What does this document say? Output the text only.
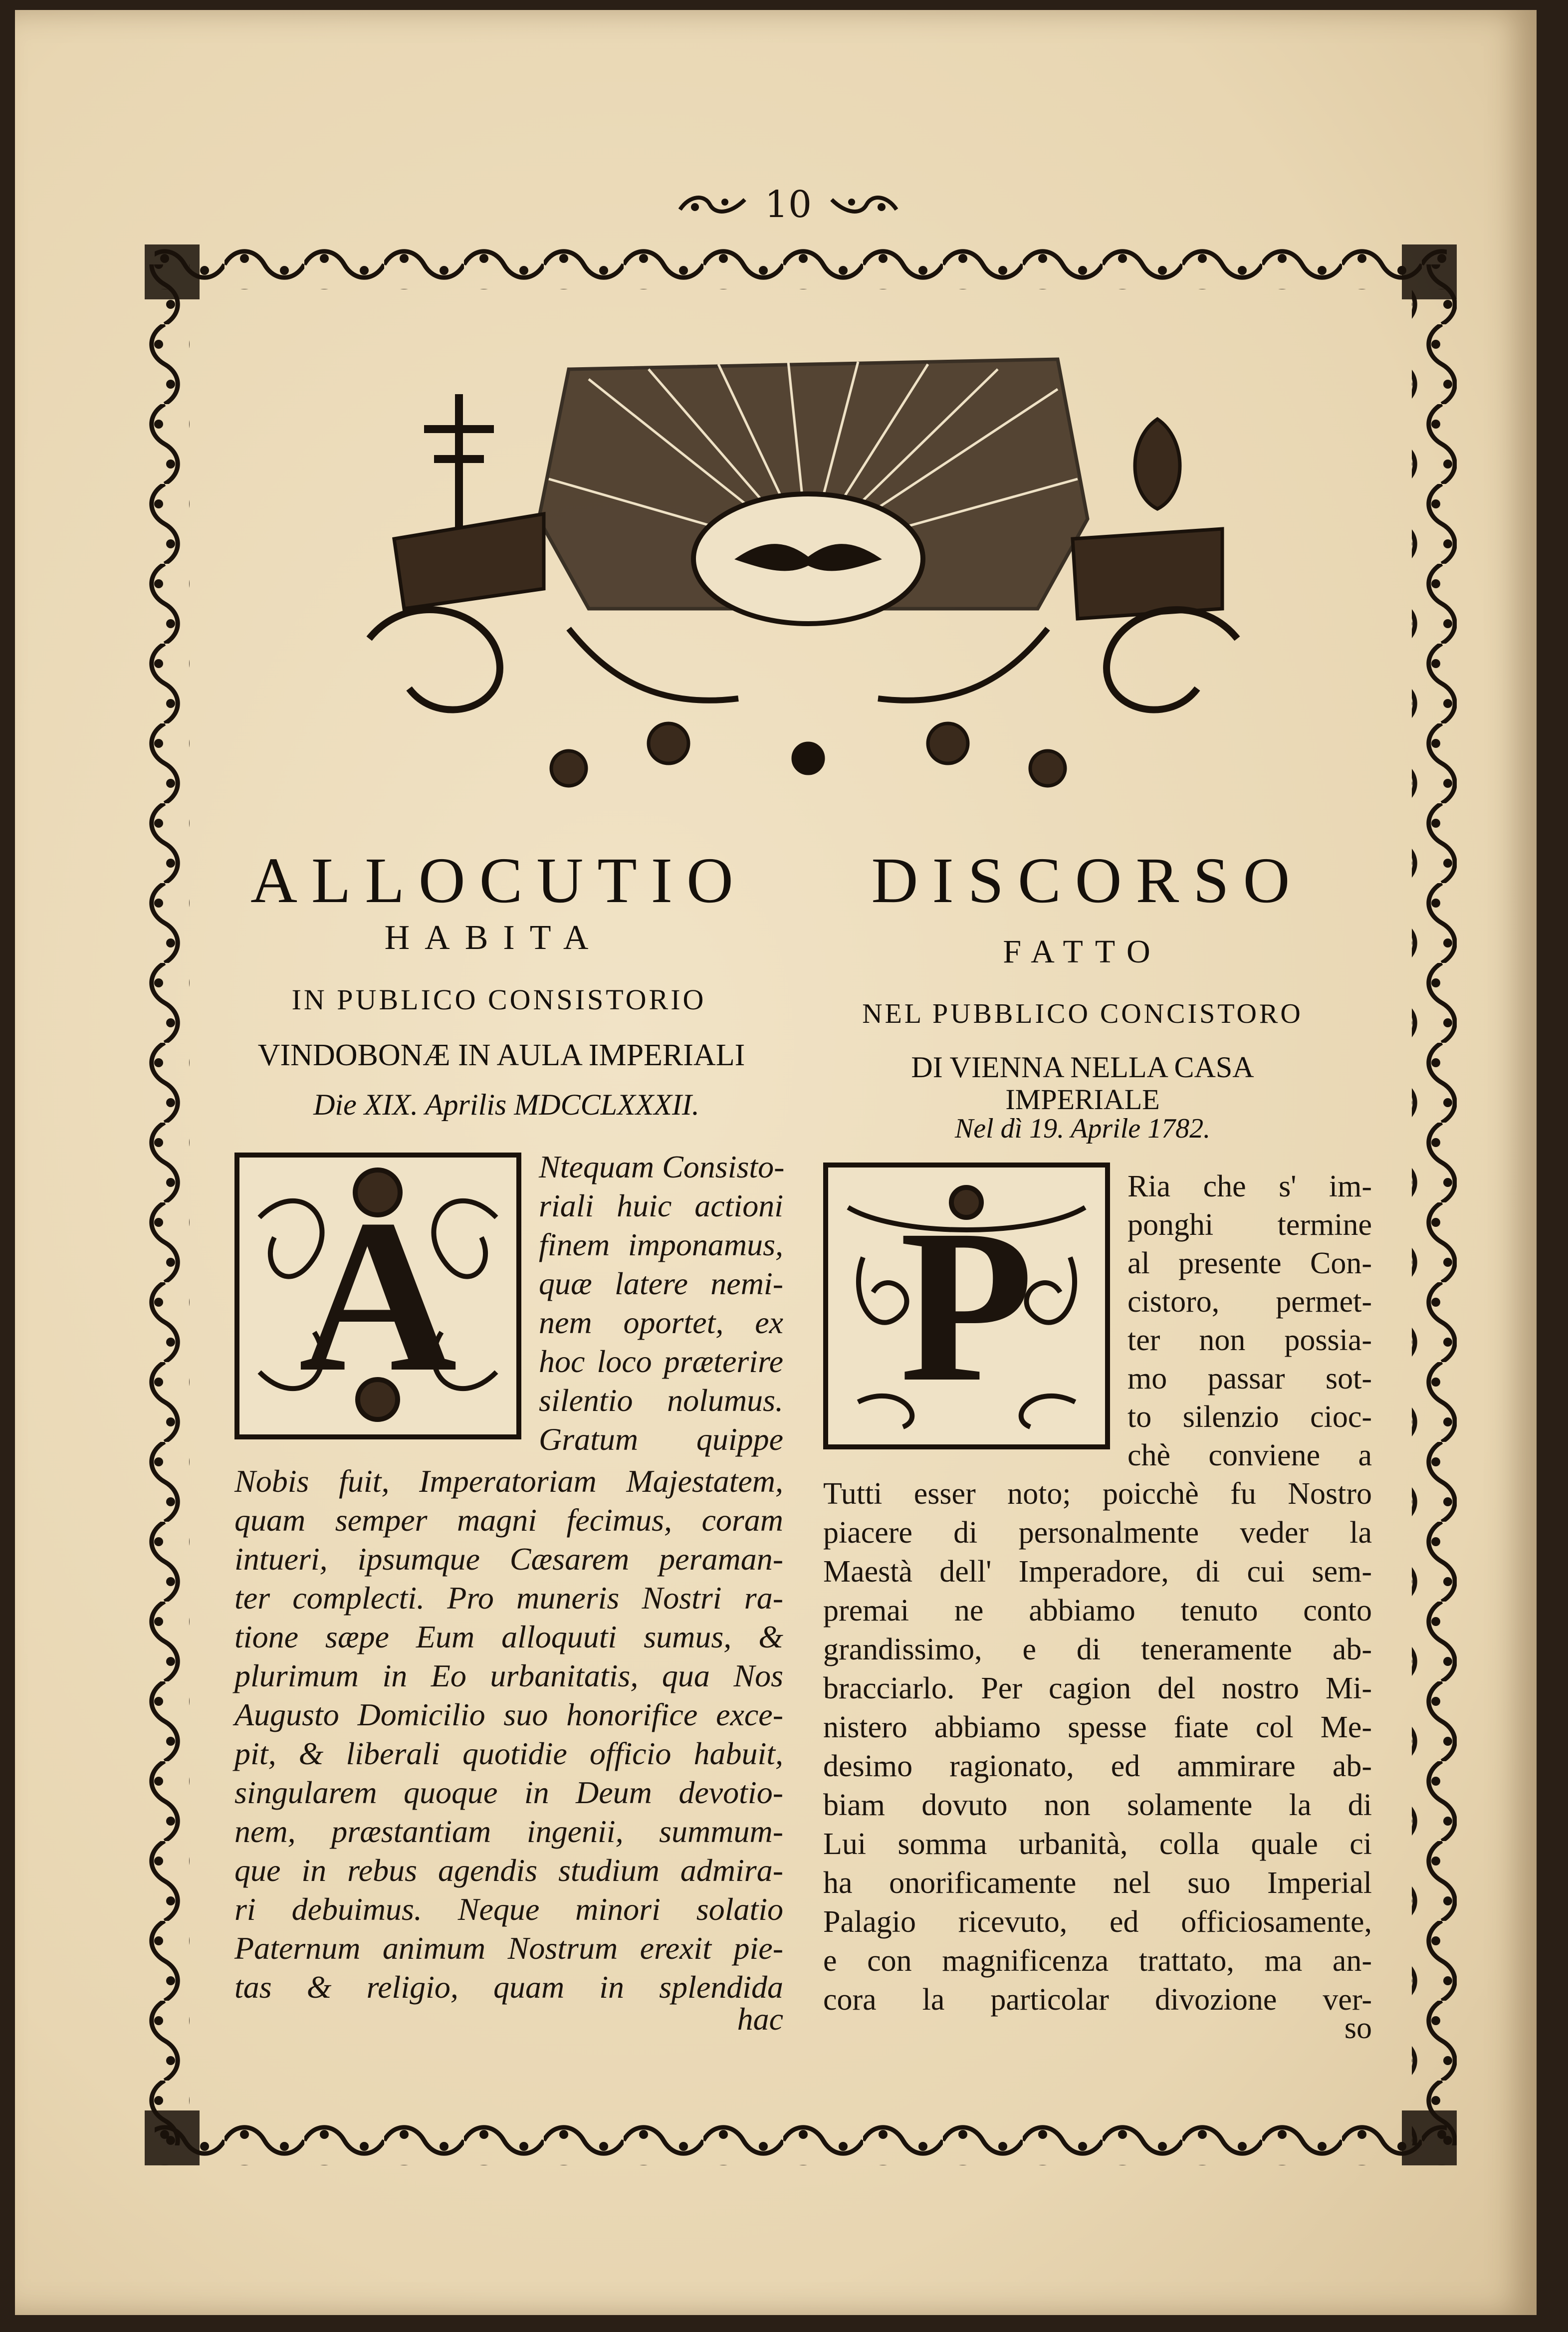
10
ALLOCUTIO
HABITA
IN PUBLICO CONSISTORIO
VINDOBONÆ IN AULA IMPERIALI
Die XIX. Aprilis MDCCLXXXII.
DISCORSO
FATTO
NEL PUBBLICO CONCISTORO
DI VIENNA NELLA CASA
IMPERIALE
Nel dì 19. Aprile 1782.
A
Ntequam Consisto-
riali huic actioni
finem imponamus,
quæ latere nemi-
nem oportet, ex
hoc loco præterire
silentio nolumus.
Gratum quippe
Nobis fuit, Imperatoriam Majestatem,
quam semper magni fecimus, coram
intueri, ipsumque Cæsarem peraman-
ter complecti. Pro muneris Nostri ra-
tione sæpe Eum alloquuti sumus, &
plurimum in Eo urbanitatis, qua Nos
Augusto Domicilio suo honorifice exce-
pit, & liberali quotidie officio habuit,
singularem quoque in Deum devotio-
nem, præstantiam ingenii, summum-
que in rebus agendis studium admira-
ri debuimus. Neque minori solatio
Paternum animum Nostrum erexit pie-
tas & religio, quam in splendida
hac
P	Ria che s' im-
ponghi termine
al presente Con-
cistoro, permet-
ter non possia-
mo passar sot-
to silenzio cioc-
chè conviene a
Tutti esser noto; poicchè fu Nostro
piacere di personalmente veder la
Maestà dell' Imperadore, di cui sem-
premai ne abbiamo tenuto conto
grandissimo, e di teneramente ab-
bracciarlo. Per cagion del nostro Mi-
nistero abbiamo spesse fiate col Me-
desimo ragionato, ed ammirare ab-
biam dovuto non solamente la di
Lui somma urbanità, colla quale ci
ha onorificamente nel suo Imperial
Palagio ricevuto, ed officiosamente,
e con magnificenza trattato, ma an-
cora la particolar divozione ver-
so
